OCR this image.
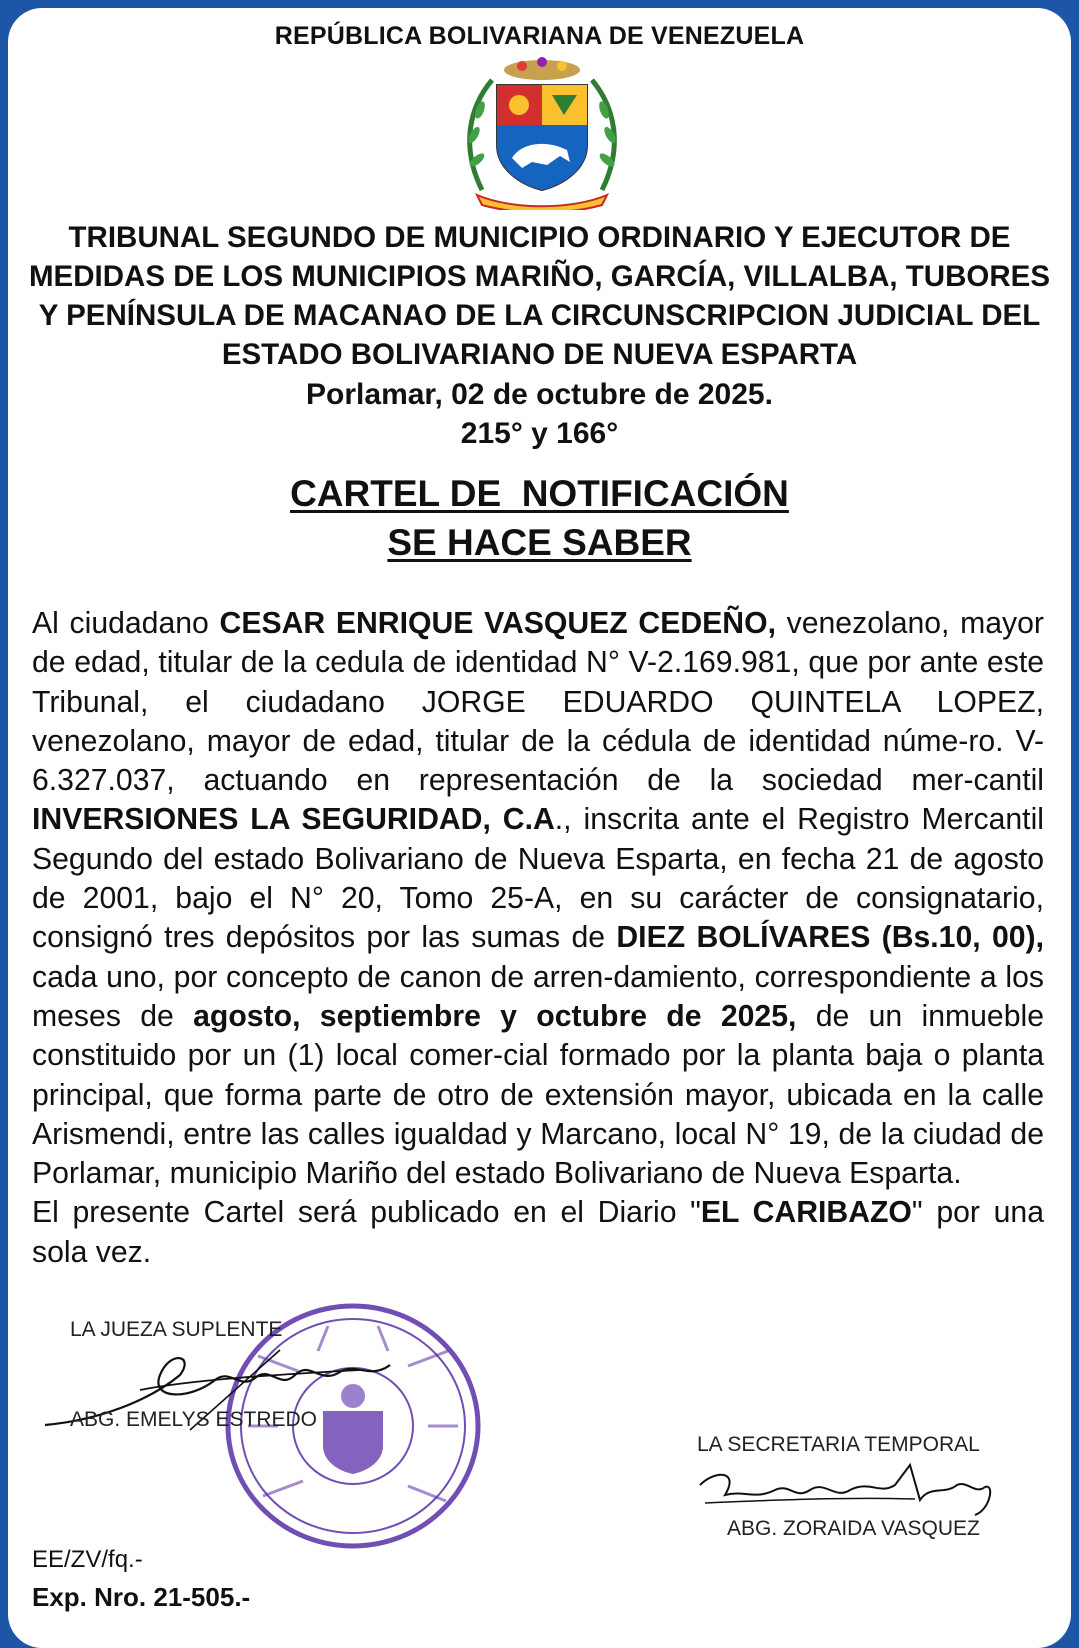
REPÚBLICA BOLIVARIANA DE VENEZUELA
TRIBUNAL SEGUNDO DE MUNICIPIO ORDINARIO Y EJECUTOR DE
MEDIDAS DE LOS MUNICIPIOS MARIÑO, GARCÍA, VILLALBA, TUBORES
Y PENÍNSULA DE MACANAO DE LA CIRCUNSCRIPCION JUDICIAL DEL
ESTADO BOLIVARIANO DE NUEVA ESPARTA
Porlamar, 02 de octubre de 2025.
215° y 166°
CARTEL DE  NOTIFICACIÓN
SE HACE SABER
Al ciudadano CESAR ENRIQUE VASQUEZ CEDEÑO, venezolano, mayor de edad, titular de la cedula de identidad N° V-2.169.981, que por ante este Tribunal, el ciudadano JORGE EDUARDO QUINTELA LOPEZ, venezolano, mayor de edad, titular de la cédula de identidad núme-ro. V-6.327.037, actuando en representación de la sociedad mer-cantil INVERSIONES LA SEGURIDAD, C.A., inscrita ante el Registro Mercantil Segundo del estado Bolivariano de Nueva Esparta, en fecha 21 de agosto de 2001, bajo el N° 20, Tomo 25-A, en su carácter de consignatario, consignó tres depósitos por las sumas de DIEZ BOLÍVARES (Bs.10, 00), cada uno, por concepto de canon de arren-damiento, correspondiente a los meses de agosto, septiembre y octubre de 2025, de un inmueble constituido por un (1) local comer-cial formado por la planta baja o planta principal, que forma parte de otro de extensión mayor, ubicada en la calle Arismendi, entre las calles igualdad y Marcano, local N° 19, de la ciudad de Porlamar, municipio Mariño del estado Bolivariano de Nueva Esparta.
El presente Cartel será publicado en el Diario "EL CARIBAZO" por una sola vez.
LA JUEZA SUPLENTE
ABG. EMELYS ESTREDO
LA SECRETARIA TEMPORAL
ABG. ZORAIDA VASQUEZ
EE/ZV/fq.-
Exp. Nro. 21-505.-
